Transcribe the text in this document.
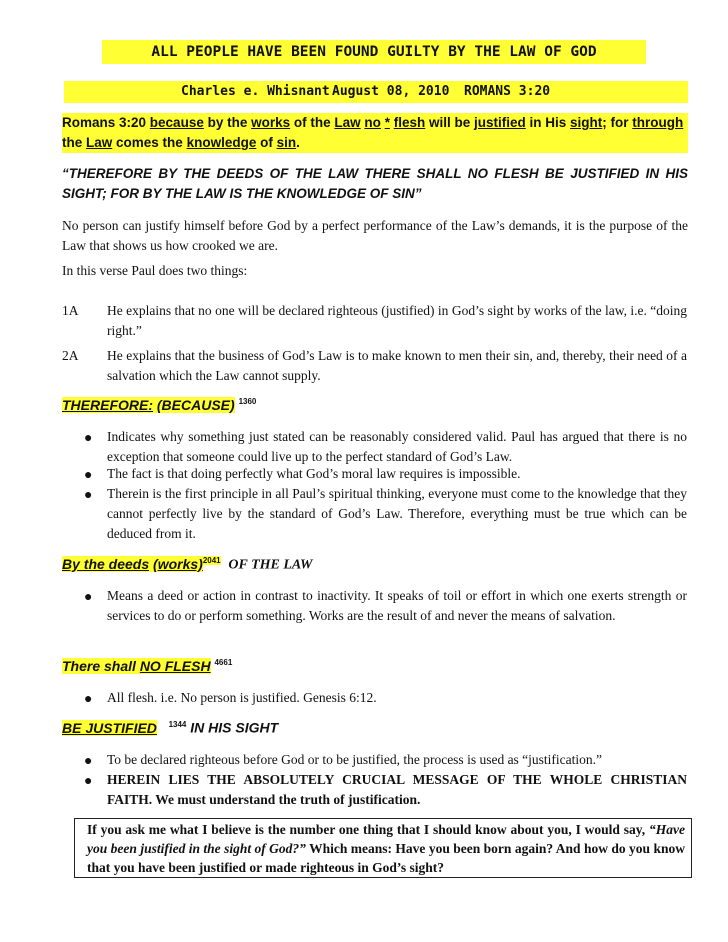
ALL PEOPLE HAVE BEEN FOUND GUILTY BY THE LAW OF GOD
Charles e. Whisnant August 08, 2010 ROMANS 3:20
Romans 3:20 because by the works of the Law no * flesh will be justified in His sight; for through the Law comes the knowledge of sin.
“THEREFORE BY THE DEEDS OF THE LAW THERE SHALL NO FLESH BE JUSTIFIED IN HIS SIGHT; FOR BY THE LAW IS THE KNOWLEDGE OF SIN”
No person can justify himself before God by a perfect performance of the Law’s demands, it is the purpose of the Law that shows us how crooked we are.
In this verse Paul does two things:
1A He explains that no one will be declared righteous (justified) in God’s sight by works of the law, i.e. “doing right.”
2A He explains that the business of God’s Law is to make known to men their sin, and, thereby, their need of a salvation which the Law cannot supply.
THEREFORE: (BECAUSE) $^{1360}$
● Indicates why something just stated can be reasonably considered valid. Paul has argued that there is no exception that someone could live up to the perfect standard of God’s Law.
● The fact is that doing perfectly what God’s moral law requires is impossible.
● Therein is the first principle in all Paul’s spiritual thinking, everyone must come to the knowledge that they cannot perfectly live by the standard of God’s Law. Therefore, everything must be true which can be deduced from it.
By the deeds (works)$^{2041}$ OF THE LAW
● Means a deed or action in contrast to inactivity. It speaks of toil or effort in which one exerts strength or services to do or perform something. Works are the result of and never the means of salvation.
There shall NO FLESH $^{4661}$
● All flesh. i.e. No person is justified. Genesis 6:12.
BE JUSTIFIED $^{1344}$ IN HIS SIGHT
● To be declared righteous before God or to be justified, the process is used as “justification.”
● HEREIN LIES THE ABSOLUTELY CRUCIAL MESSAGE OF THE WHOLE CHRISTIAN FAITH. We must understand the truth of justification.
If you ask me what I believe is the number one thing that I should know about you, I would say, “Have you been justified in the sight of God?” Which means: Have you been born again? And how do you know that you have been justified or made righteous in God’s sight?
